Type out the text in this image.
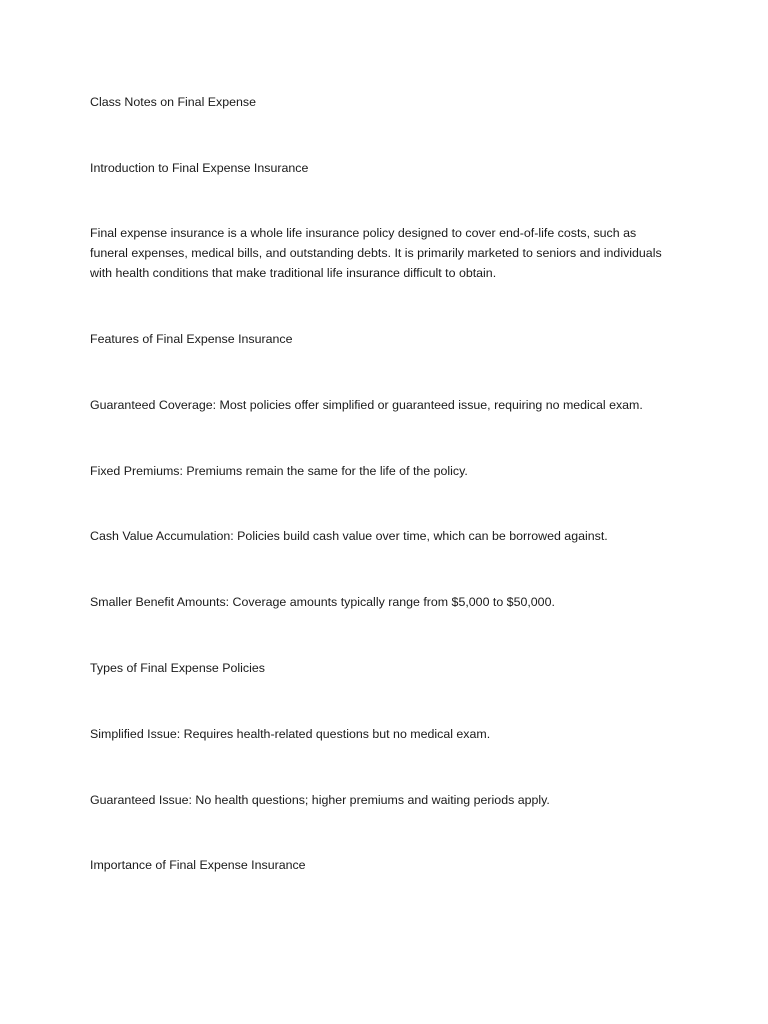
Class Notes on Final Expense

Introduction to Final Expense Insurance

Final expense insurance is a whole life insurance policy designed to cover end-of-life costs, such as

funeral expenses, medical bills, and outstanding debts. It is primarily marketed to seniors and individuals

with health conditions that make traditional life insurance difficult to obtain.

Features of Final Expense Insurance

Guaranteed Coverage: Most policies offer simplified or guaranteed issue, requiring no medical exam.

Fixed Premiums: Premiums remain the same for the life of the policy.

Cash Value Accumulation: Policies build cash value over time, which can be borrowed against.

Smaller Benefit Amounts: Coverage amounts typically range from $5,000 to $50,000.

Types of Final Expense Policies

Simplified Issue: Requires health-related questions but no medical exam.

Guaranteed Issue: No health questions; higher premiums and waiting periods apply.

Importance of Final Expense Insurance
